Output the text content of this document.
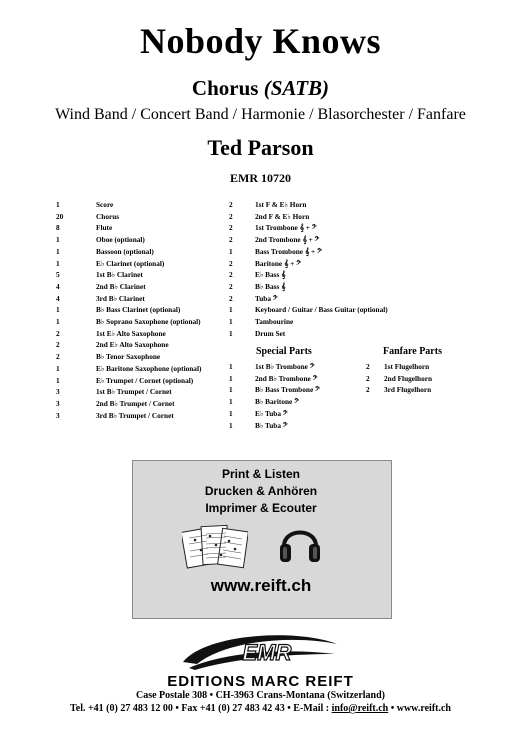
Nobody Knows
Chorus (SATB)
Wind Band / Concert Band / Harmonie / Blasorchester / Fanfare
Ted Parson
EMR 10720
1	Score
20	Chorus
8	Flute
1	Oboe (optional)
1	Bassoon (optional)
1	E♭ Clarinet (optional)
5	1st B♭ Clarinet
4	2nd B♭ Clarinet
4	3rd B♭ Clarinet
1	B♭ Bass Clarinet (optional)
1	B♭ Soprano Saxophone (optional)
2	1st E♭ Alto Saxophone
2	2nd E♭ Alto Saxophone
2	B♭ Tenor Saxophone
1	E♭ Baritone Saxophone (optional)
1	E♭ Trumpet / Cornet (optional)
3	1st B♭ Trumpet / Cornet
3	2nd B♭ Trumpet / Cornet
3	3rd B♭ Trumpet / Cornet
2	1st F & E♭ Horn
2	2nd F & E♭ Horn
2	1st Trombone 𝄞 + 𝄢
2	2nd Trombone 𝄞 + 𝄢
1	Bass Trombone 𝄞 + 𝄢
2	Baritone 𝄞 + 𝄢
2	E♭ Bass 𝄞
2	B♭ Bass 𝄞
2	Tuba 𝄢
1	Keyboard / Guitar / Bass Guitar (optional)
1	Tambourine
1	Drum Set
Special Parts	Fanfare Parts
1	1st B♭ Trombone 𝄢
1	2nd B♭ Trombone 𝄢
1	B♭ Bass Trombone 𝄢
1	B♭ Baritone 𝄢
1	E♭ Tuba 𝄢
1	B♭ Tuba 𝄢
2	1st Flugelhorn
2	2nd Flugelhorn
2	3rd Flugelhorn
Print & Listen
Drucken & Anhören
Imprimer & Ecouter
www.reift.ch
EMR
EDITIONS MARC REIFT
Case Postale 308 • CH-3963 Crans-Montana (Switzerland)
Tel. +41 (0) 27 483 12 00 • Fax +41 (0) 27 483 42 43 • E-Mail : info@reift.ch • www.reift.ch
